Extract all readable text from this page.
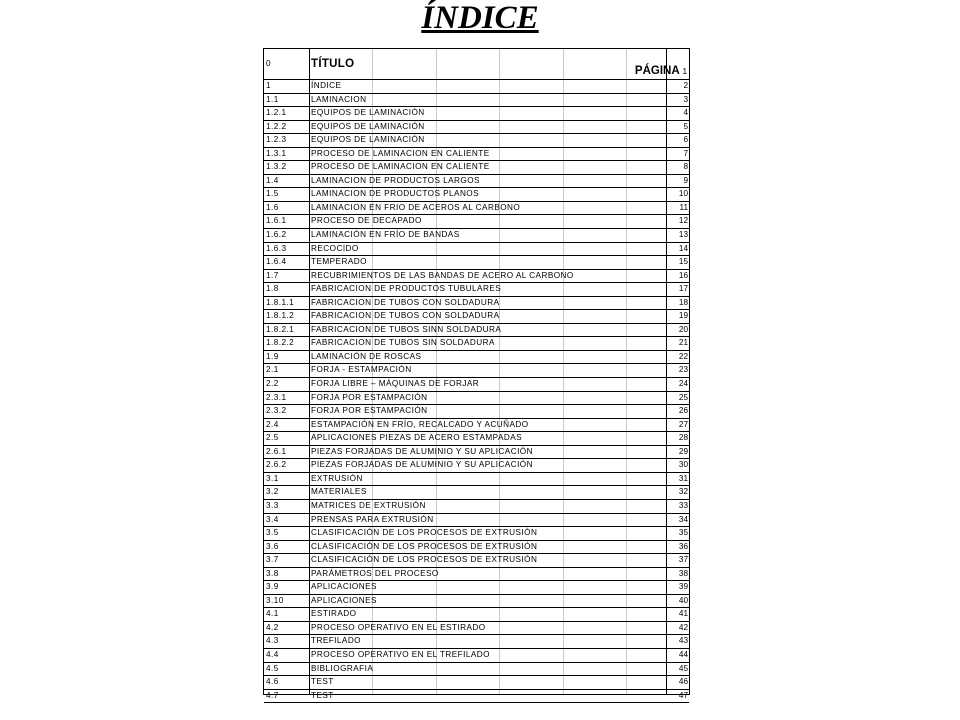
ÍNDICE
0	TÍTULO	PÁGINA 1

1	ÍNDICE	2
1.1	LAMINACION	3
1.2.1	EQUIPOS DE LAMINACIÓN	4
1.2.2	EQUIPOS DE LAMINACIÓN	5
1.2.3	EQUIPOS DE LAMINACIÓN	6
1.3.1	PROCESO DE LAMINACION EN CALIENTE	7
1.3.2	PROCESO DE LAMINACION EN CALIENTE	8
1.4	LAMINACION DE PRODUCTOS LARGOS	9
1.5	LAMINACION DE PRODUCTOS PLANOS	10
1.6	LAMINACION EN FRIO DE ACEROS AL CARBONO	11
1.6.1	PROCESO DE DECAPADO	12
1.6.2	LAMINACIÓN EN FRÍO DE BANDAS	13
1.6.3	RECOCIDO	14
1.6.4	TEMPERADO	15
1.7	RECUBRIMIENTOS DE LAS BANDAS DE ACERO AL CARBONO	16
1.8	FABRICACION DE PRODUCTOS TUBULARES	17
1.8.1.1	FABRICACION DE TUBOS CON SOLDADURA	18
1.8.1.2	FABRICACION DE TUBOS CON SOLDADURA	19
1.8.2.1	FABRICACION DE TUBOS SINN SOLDADURA	20
1.8.2.2	FABRICACION DE TUBOS SIN SOLDADURA	21
1.9	LAMINACIÓN DE ROSCAS	22
2.1	FORJA - ESTAMPACIÓN	23
2.2	FORJA LIBRE – MÁQUINAS DE FORJAR	24
2.3.1	FORJA POR ESTAMPACIÓN	25
2.3.2	FORJA POR ESTAMPACIÓN	26
2.4	ESTAMPACIÓN EN FRÍO, RECALCADO Y ACUÑADO	27
2.5	APLICACIONES PIEZAS DE ACERO ESTAMPADAS	28
2.6.1	PIEZAS FORJADAS DE ALUMINIO Y SU APLICACIÓN	29
2.6.2	PIEZAS FORJADAS DE ALUMINIO Y SU APLICACIÓN	30
3.1	EXTRUSIÓN	31
3.2	MATERIALES	32
3.3	MATRICES DE EXTRUSIÓN	33
3.4	PRENSAS PARA EXTRUSIÓN	34
3.5	CLASIFICACIÓN DE LOS PROCESOS DE EXTRUSIÓN	35
3.6	CLASIFICACIÓN DE LOS PROCESOS DE EXTRUSIÓN	36
3.7	CLASIFICACIÓN DE LOS PROCESOS DE EXTRUSIÓN	37
3.8	PARÁMETROS DEL PROCESO	38
3.9	APLICACIONES	39
3.10	APLICACIONES	40
4.1	ESTIRADO	41
4.2	PROCESO OPERATIVO EN EL ESTIRADO	42
4.3	TREFILADO	43
4.4	PROCESO OPERATIVO EN EL TREFILADO	44
4.5	BIBLIOGRAFIA	45
4.6	TEST	46
4.7	TEST	47
